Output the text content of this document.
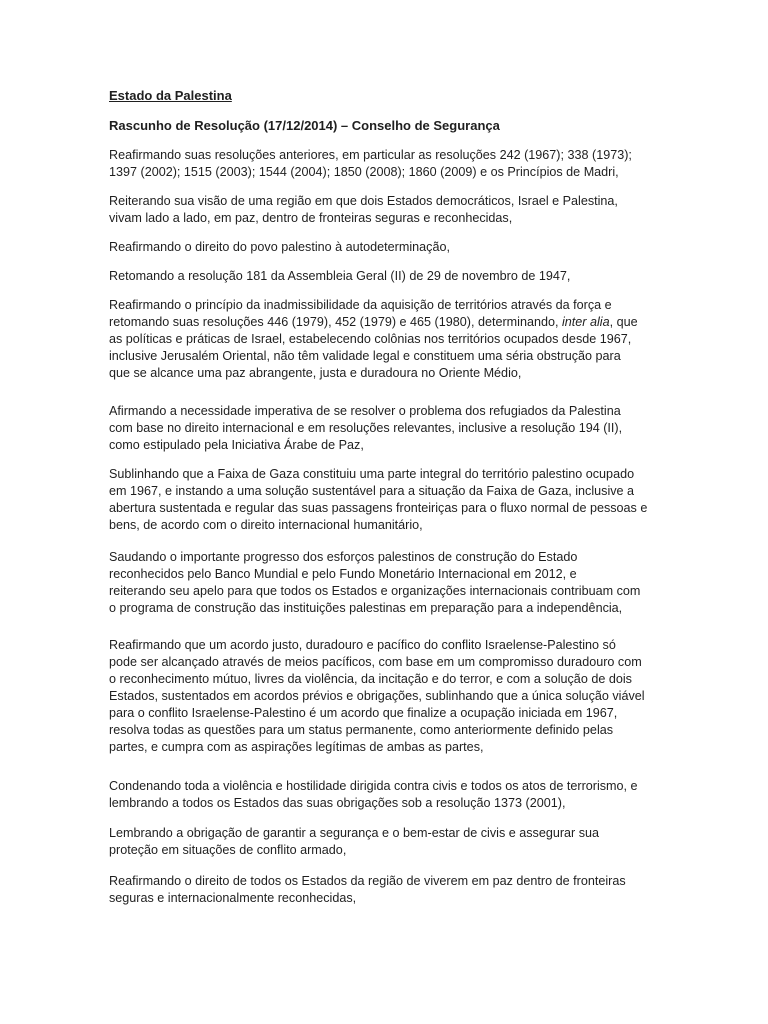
Estado da Palestina

Rascunho de Resolução (17/12/2014) – Conselho de Segurança

Reafirmando suas resoluções anteriores, em particular as resoluções 242 (1967); 338 (1973);
1397 (2002); 1515 (2003); 1544 (2004); 1850 (2008); 1860 (2009) e os Princípios de Madri,
Reiterando sua visão de uma região em que dois Estados democráticos, Israel e Palestina,
vivam lado a lado, em paz, dentro de fronteiras seguras e reconhecidas,
Reafirmando o direito do povo palestino à autodeterminação,
Retomando a resolução 181 da Assembleia Geral (II) de 29 de novembro de 1947,
Reafirmando o princípio da inadmissibilidade da aquisição de territórios através da força e
retomando suas resoluções 446 (1979), 452 (1979) e 465 (1980), determinando, inter alia, que
as políticas e práticas de Israel, estabelecendo colônias nos territórios ocupados desde 1967,
inclusive Jerusalém Oriental, não têm validade legal e constituem uma séria obstrução para
que se alcance uma paz abrangente, justa e duradoura no Oriente Médio,
Afirmando a necessidade imperativa de se resolver o problema dos refugiados da Palestina
com base no direito internacional e em resoluções relevantes, inclusive a resolução 194 (II),
como estipulado pela Iniciativa Árabe de Paz,
Sublinhando que a Faixa de Gaza constituiu uma parte integral do território palestino ocupado
em 1967, e instando a uma solução sustentável para a situação da Faixa de Gaza, inclusive a
abertura sustentada e regular das suas passagens fronteiriças para o fluxo normal de pessoas e
bens, de acordo com o direito internacional humanitário,
Saudando o importante progresso dos esforços palestinos de construção do Estado
reconhecidos pelo Banco Mundial e pelo Fundo Monetário Internacional em 2012, e
reiterando seu apelo para que todos os Estados e organizações internacionais contribuam com
o programa de construção das instituições palestinas em preparação para a independência,
Reafirmando que um acordo justo, duradouro e pacífico do conflito Israelense-Palestino só
pode ser alcançado através de meios pacíficos, com base em um compromisso duradouro com
o reconhecimento mútuo, livres da violência, da incitação e do terror, e com a solução de dois
Estados, sustentados em acordos prévios e obrigações, sublinhando que a única solução viável
para o conflito Israelense-Palestino é um acordo que finalize a ocupação iniciada em 1967,
resolva todas as questões para um status permanente, como anteriormente definido pelas
partes, e cumpra com as aspirações legítimas de ambas as partes,
Condenando toda a violência e hostilidade dirigida contra civis e todos os atos de terrorismo, e
lembrando a todos os Estados das suas obrigações sob a resolução 1373 (2001),
Lembrando a obrigação de garantir a segurança e o bem-estar de civis e assegurar sua
proteção em situações de conflito armado,
Reafirmando o direito de todos os Estados da região de viverem em paz dentro de fronteiras
seguras e internacionalmente reconhecidas,
